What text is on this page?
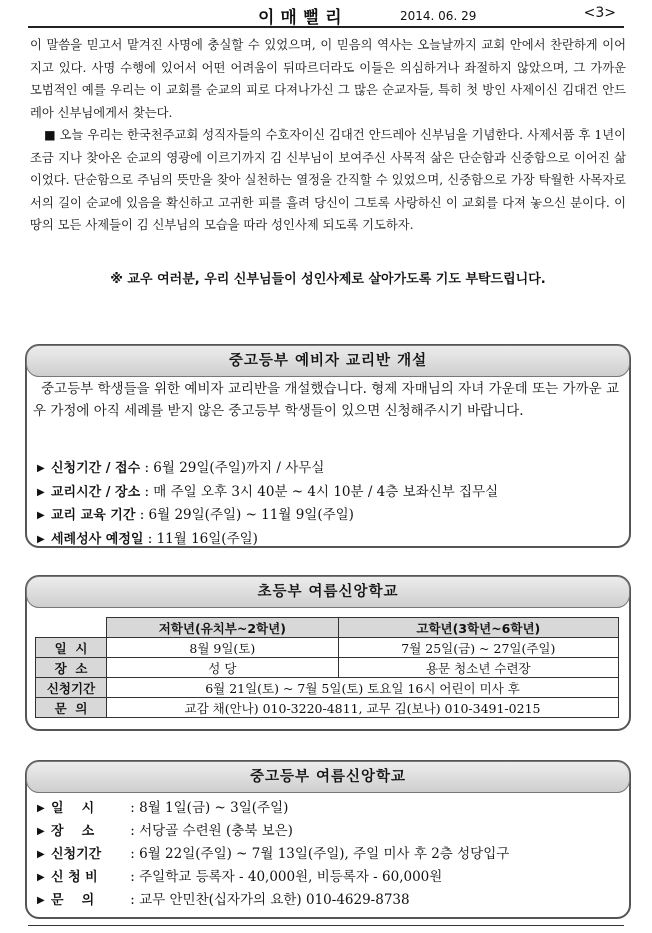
이매뻘리	2014. 06. 29	<3>

이 말씀을 믿고서 맡겨진 사명에 충실할 수 있었으며, 이 믿음의 역사는 오늘날까지 교회 안에서 찬란하게 이어지고 있다. 사명 수행에 있어서 어떤 어려움이 뒤따르더라도 이들은 의심하거나 좌절하지 않았으며, 그 가까운 모범적인 예를 우리는 이 교회를 순교의 피로 다져나가신 그 많은 순교자들, 특히 첫 방인 사제이신 김대건 안드레아 신부님에게서 찾는다.

■ 오늘 우리는 한국천주교회 성직자들의 수호자이신 김대건 안드레아 신부님을 기념한다. 사제서품 후 1년이 조금 지나 찾아온 순교의 영광에 이르기까지 김 신부님이 보여주신 사목적 삶은 단순함과 신중함으로 이어진 삶이었다. 단순함으로 주님의 뜻만을 찾아 실천하는 열정을 간직할 수 있었으며, 신중함으로 가장 탁월한 사목자로서의 길이 순교에 있음을 확신하고 고귀한 피를 흘려 당신이 그토록 사랑하신 이 교회를 다져 놓으신 분이다. 이 땅의 모든 사제들이 김 신부님의 모습을 따라 성인사제 되도록 기도하자.

※ 교우 여러분, 우리 신부님들이 성인사제로 살아가도록 기도 부탁드립니다.
중고등부 예비자 교리반 개설

중고등부 학생들을 위한 예비자 교리반을 개설했습니다. 형제 자매님의 자녀 가운데 또는 가까운 교우 가정에 아직 세례를 받지 않은 중고등부 학생들이 있으면 신청해주시기 바랍니다.

▶ 신청기간 / 접수 : 6월 29일(주일)까지 / 사무실
▶ 교리시간 / 장소 : 매 주일 오후 3시 40분 ~ 4시 10분 / 4층 보좌신부 집무실
▶ 교리 교육 기간 : 6월 29일(주일) ~ 11월 9일(주일)
▶ 세례성사 예정일 : 11월 16일(주일)
초등부 여름신앙학교
	저학년(유치부~2학년)	고학년(3학년~6학년)
일  시	8월 9일(토)	7월 25일(금) ~ 27일(주일)
장  소	성 당	용문 청소년 수련장
신청기간	6월 21일(토) ~ 7월 5일(토) 토요일 16시 어린이 미사 후	
문  의	교감 채(안나) 010-3220-4811, 교무 김(보나) 010-3491-0215	
중고등부 여름신앙학교
▶ 일    시 : 8월 1일(금) ~ 3일(주일)
▶ 장    소 : 서당골 수련원 (충북 보은)
▶ 신청기간 : 6월 22일(주일) ~ 7월 13일(주일), 주일 미사 후 2층 성당입구
▶ 신 청 비 : 주일학교 등록자 - 40,000원, 비등록자 - 60,000원
▶ 문    의 : 교무 안민찬(십자가의 요한) 010-4629-8738
